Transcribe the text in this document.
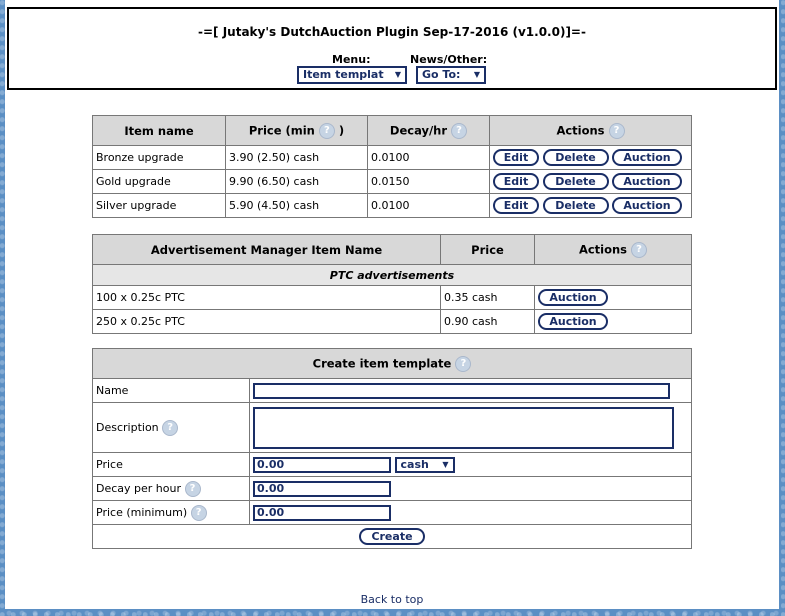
-=[ Jutaky's DutchAuction Plugin Sep-17-2016 (v1.0.0)]=-
Menu:	News/Other:
Item templat ▼	Go To: ▼
Item name	Price (min ? )	Decay/hr ?	Actions ?
Bronze upgrade	3.90 (2.50) cash	0.0100	Edit Delete Auction
Gold upgrade	9.90 (6.50) cash	0.0150	Edit Delete Auction
Silver upgrade	5.90 (4.50) cash	0.0100	Edit Delete Auction
Advertisement Manager Item Name	Price	Actions ?
PTC advertisements		
100 x 0.25c PTC	0.35 cash	Auction
250 x 0.25c PTC	0.90 cash	Auction
Create item template ?	
Name	
Description ?	
Price	0.00 cash ▼

Decay per hour ?	0.00
Price (minimum) ?	0.00
Create	
Back to top
